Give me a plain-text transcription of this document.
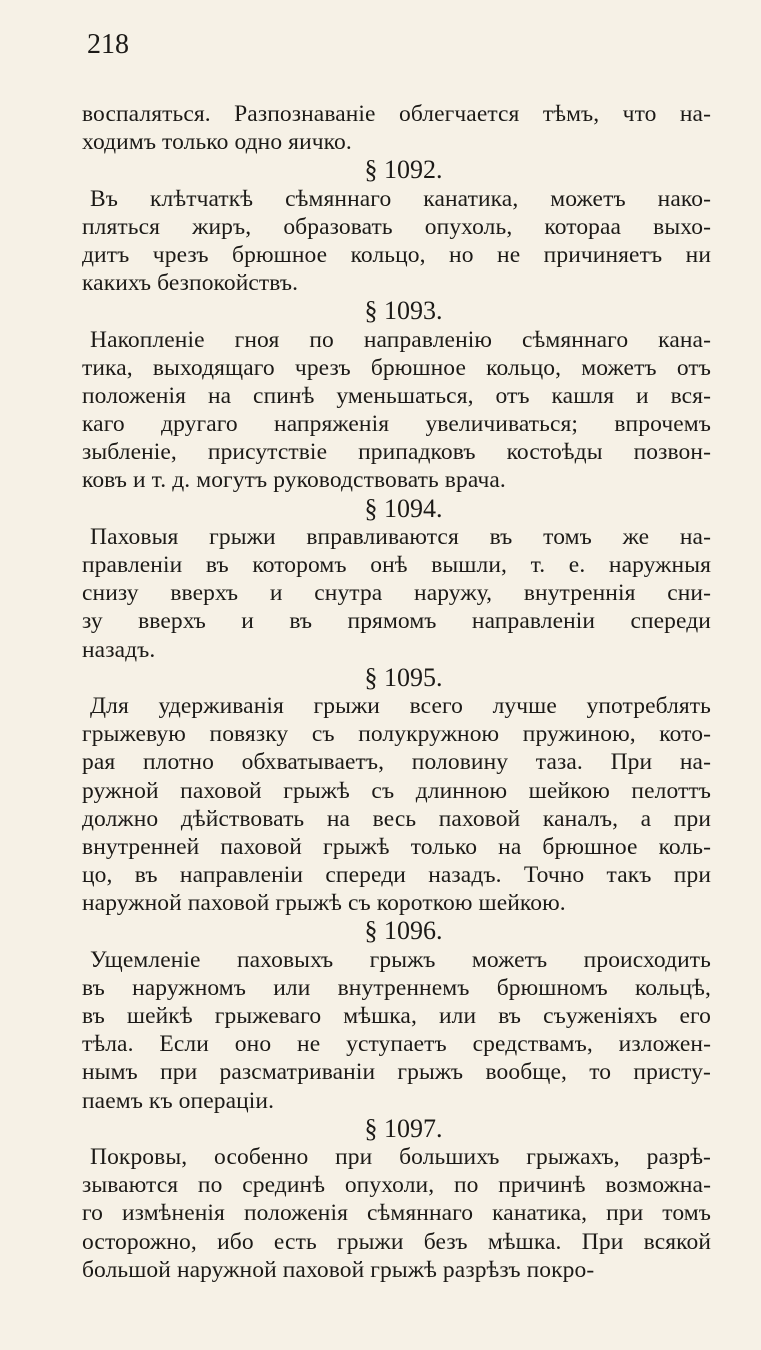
218
воспаляться. Разпознаваніе облегчается тѣмъ, что на-
ходимъ только одно яичко.
§ 1092.
Въ клѣтчаткѣ сѣмяннаго канатика, можетъ нако-
пляться жиръ, образовать опухоль, котораа выхо-
дитъ чрезъ брюшное кольцо, но не причиняетъ ни
какихъ безпокойствъ.
§ 1093.
Накопленіе гноя по направленію сѣмяннаго кана-
тика, выходящаго чрезъ брюшное кольцо, можетъ отъ
положенія на спинѣ уменьшаться, отъ кашля и вся-
каго другаго напряженія увеличиваться; впрочемъ
зыбленіе, присутствіе припадковъ костоѣды позвон-
ковъ и т. д. могутъ руководствовать врача.
§ 1094.
Паховыя грыжи вправливаются въ томъ же на-
правленіи въ которомъ онѣ вышли, т. е. наружныя
снизу вверхъ и снутра наружу, внутреннія сни-
зу вверхъ и въ прямомъ направленіи спереди
назадъ.
§ 1095.
Для удерживанія грыжи всего лучше употреблять
грыжевую повязку съ полукружною пружиною, кото-
рая плотно обхватываетъ, половину таза. При на-
ружной паховой грыжѣ съ длинною шейкою пелоттъ
должно дѣйствовать на весь паховой каналъ, а при
внутренней паховой грыжѣ только на брюшное коль-
цо, въ направленіи спереди назадъ. Точно такъ при
наружной паховой грыжѣ съ короткою шейкою.
§ 1096.
Ущемленіе паховыхъ грыжъ можетъ происходить
въ наружномъ или внутреннемъ брюшномъ кольцѣ,
въ шейкѣ грыжеваго мѣшка, или въ съуженіяхъ его
тѣла. Если оно не уступаетъ средствамъ, изложен-
нымъ при разсматриваніи грыжъ вообще, то присту-
паемъ къ операціи.
§ 1097.
Покровы, особенно при большихъ грыжахъ, разрѣ-
зываются по срединѣ опухоли, по причинѣ возможна-
го измѣненія положенія сѣмяннаго канатика, при томъ
осторожно, ибо есть грыжи безъ мѣшка. При всякой
большой наружной паховой грыжѣ разрѣзъ покро-
